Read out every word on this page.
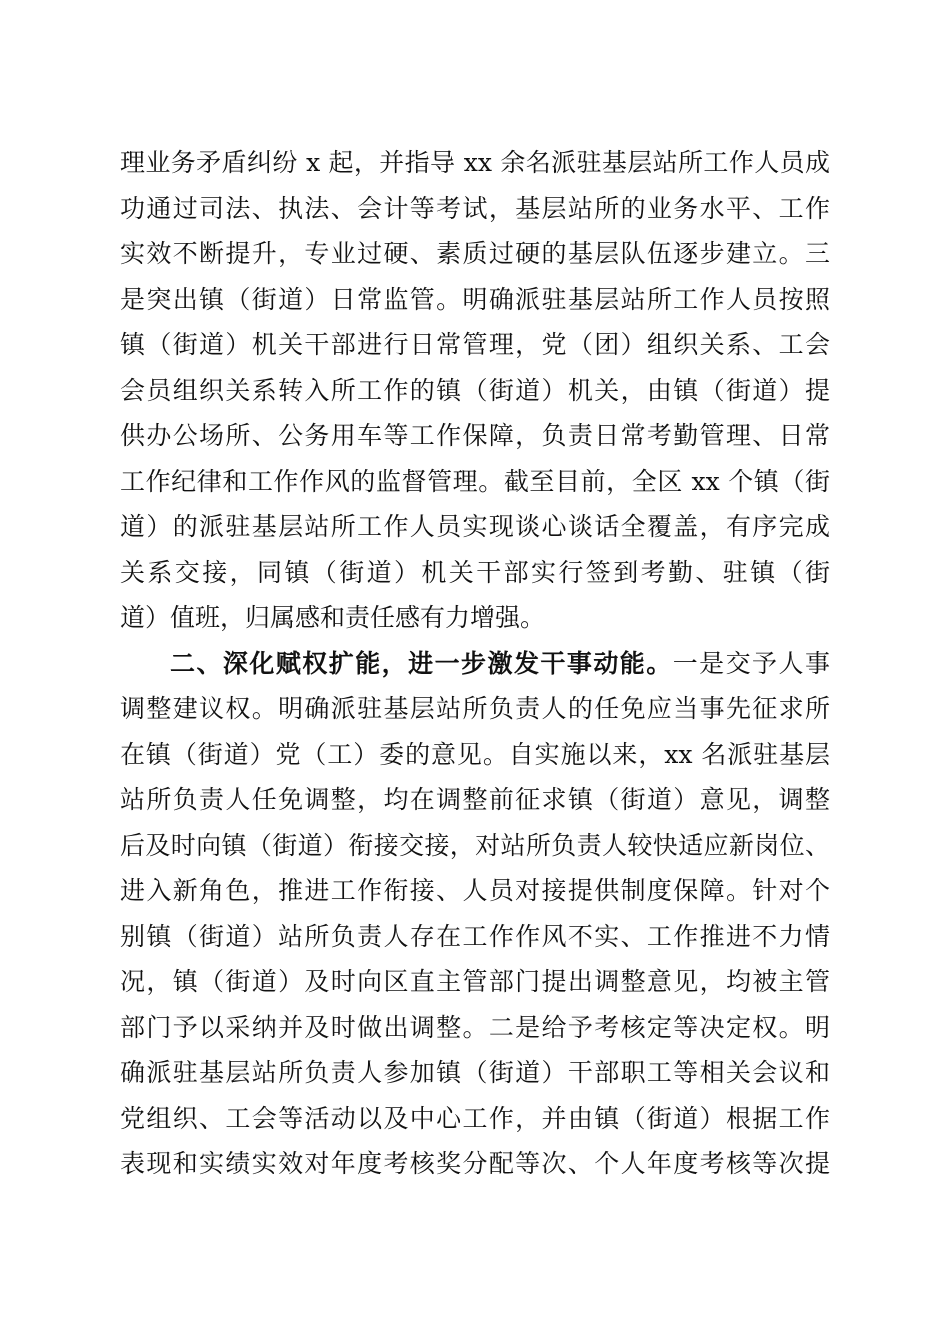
理业务矛盾纠纷 x 起，并指导 xx 余名派驻基层站所工作人员成
功通过司法、执法、会计等考试，基层站所的业务水平、工作
实效不断提升，专业过硬、素质过硬的基层队伍逐步建立。三
是突出镇（街道）日常监管。明确派驻基层站所工作人员按照
镇（街道）机关干部进行日常管理，党（团）组织关系、工会
会员组织关系转入所工作的镇（街道）机关，由镇（街道）提
供办公场所、公务用车等工作保障，负责日常考勤管理、日常
工作纪律和工作作风的监督管理。截至目前，全区 xx 个镇（街
道）的派驻基层站所工作人员实现谈心谈话全覆盖，有序完成
关系交接，同镇（街道）机关干部实行签到考勤、驻镇（街
道）值班，归属感和责任感有力增强。
二、深化赋权扩能，进一步激发干事动能。一是交予人事
调整建议权。明确派驻基层站所负责人的任免应当事先征求所
在镇（街道）党（工）委的意见。自实施以来，xx 名派驻基层
站所负责人任免调整，均在调整前征求镇（街道）意见，调整
后及时向镇（街道）衔接交接，对站所负责人较快适应新岗位、
进入新角色，推进工作衔接、人员对接提供制度保障。针对个
别镇（街道）站所负责人存在工作作风不实、工作推进不力情
况，镇（街道）及时向区直主管部门提出调整意见，均被主管
部门予以采纳并及时做出调整。二是给予考核定等决定权。明
确派驻基层站所负责人参加镇（街道）干部职工等相关会议和
党组织、工会等活动以及中心工作，并由镇（街道）根据工作
表现和实绩实效对年度考核奖分配等次、个人年度考核等次提
